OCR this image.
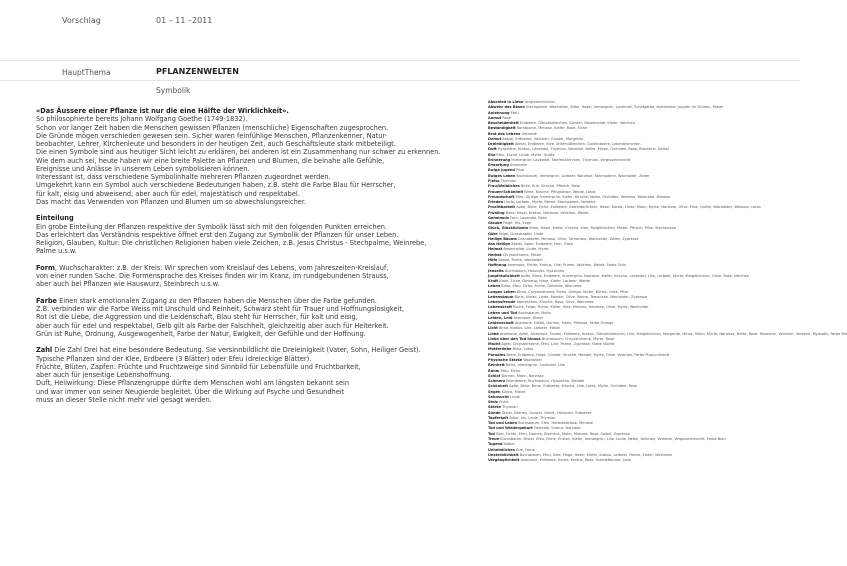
Vorschlag	01 – 11 –2011
HauptThema	PFLANZENWELTEN
Symbolik

«Das Äussere einer Pflanze ist nur die eine Hälfte der Wirklichkeit».
So philosophierte bereits Johann Wolfgang Goethe (1749-1832).
Schon vor langer Zeit haben die Menschen gewissen Pflanzen (menschliche) Eigenschaften zugesprochen.
Die Gründe mögen verschieden gewesen sein. Sicher waren feinfühlige Menschen, Pflanzenkenner, Natur-
beobachter, Lehrer, Kirchenleute und besonders in der heutigen Zeit, auch Geschäftsleute stark mitbeteiligt.
Die einen Symbole sind aus heutiger Sicht leicht zu erklären, bei anderen ist ein Zusammenhang nur schwer zu erkennen.
Wie dem auch sei, heute haben wir eine breite Palette an Pflanzen und Blumen, die beinahe alle Gefühle,
Ereignisse und Anlässe in unserem Leben symbolisieren können.
Interessant ist, dass verschiedene Symbolinhalte mehreren Pflanzen zugeordnet werden.
Umgekehrt kann ein Symbol auch verschiedene Bedeutungen haben, z.B. steht die Farbe Blau für Herrscher,
für kalt, eisig und abweisend, aber auch für edel, majestätisch und respektabel.
Das macht das Verwenden von Pflanzen und Blumen um so abwechslungsreicher.

Einteilung
Ein grobe Einteilung der Pflanzen respektive der Symbolik lässt sich mit den folgenden Punkten erreichen.
Das erleichtert das Verständnis respektive öffnet erst den Zugang zur Symbolik der Pflanzen für unser Leben.
Religion, Glauben, Kultur: Die christlichen Religionen haben viele Zeichen, z.B. Jesus Christus - Stechpalme, Weinrebe,
Palme u.s.w.

Form, Wuchscharakter: z.B. der Kreis. Wir sprechen vom Kreislauf des Lebens, vom Jahreszeiten-Kreislauf,
von einer runden Sache. Die Formensprache des Kreises finden wir im Kranz, im rundgebundenen Strauss,
aber auch bei Pflanzen wie Hauswurz, Steinbrech u.s.w.

Farbe Einen stark emotionalen Zugang zu den Pflanzen haben die Menschen über die Farbe gefunden.
Z.B. verbinden wir die Farbe Weiss mit Unschuld und Reinheit, Schwarz steht für Trauer und Hoffnungslosigkeit,
Rot ist die Liebe, die Aggression und die Leidenschaft, Blau steht für Herrscher, für kalt und eisig,
aber auch für edel und respektabel, Gelb gilt als Farbe der Falschheit, gleichzeitig aber auch für Heiterkeit.
Grün ist Ruhe, Ordnung, Ausgewogenheit, Farbe der Natur, Ewigkeit, der Gefühle und der Hoffnung.

Zahl Die Zahl Drei hat eine besondere Bedeutung. Sie versinnbildlicht die Dreieinigkeit (Vater, Sohn, Heiliger Geist).
Typische Pflanzen sind der Klee, Erdbeere (3 Blätter) oder Efeu (dreieckige Blätter).
Früchte, Blüten, Zapfen: Früchte und Fruchtzweige sind Sinnbild für Lebensfülle und Fruchtbarkeit,
aber auch für jenseitige Lebenshoffnung.
Duft, Heilwirkung: Diese Pflanzengruppe dürfte dem Menschen wohl am längsten bekannt sein
und war immer von seiner Neugierde begleitet. Über die Wirkung auf Psyche und Gesundheit
muss an dieser Stelle nicht mehr viel gesagt werden.

Abschied in Liebe Vergissmeinnicht
Abwehr des Bösen Stechpalme, Wacholder, Birke, Hasel, Immergrün, Lavendel, Schafgarbe, Kornblume, Jungfer im Grünen, Mistel
Anlehnung Efeu
Anmut Rose
Bescheidenheit Erdbeere, Gänseblümchen, Ginster, Besenheide, Kiefer, Veilchen
Beständigkeit Kornblume, Mimose, Kiefer, Rose, Eiche
Brot des Lebens Getreide
Demut Akelei, Erdbeere, Veilchen, Ginster, Margerite
Dreieinigkeit Akelei, Erdbeere, Klee, Stiefmütterchen, Goldenbeere, Lebenblümchen
Duft Hyazinthe, Krokus, Lavendel, Thymian, Narzisse, Nelke, Minze, Orchidee, Rose, Rosmarin, Salbei
Ehe Efeu, Esche, Linde, Myrte, Quitte
Erinnerung Immergrün, Lavendel, Stiefmütterchen, Thymian, Vergissmeinnicht
Erwartung Anemone
Ewige Jugend Pilze
Ewiges Leben Buchsbaum, Immergrün, Lorbeer, Narzisse, Stechpalme, Wacholder, Zeder
Fleiss Thymian
Frau/Weibliches Birke, Erle, Kirsche, Pfirsich, Rose
Frauen-Schönheit Birke, Kirsche, Pfingstrose, Weide, Lotos
Freundschaft Efeu, Ginkgo, Immergrün, Kiefer, Kirsche, Nelke, Orchidee, Verbene, Weinrebe, Mimose
Frieden Linde, Lorbeer, Myrte, Palme, Stechpalme, Verbene
Fruchtbarkeit Apfel, Birke, Eiche, Erdbeere, Getreide/Gräser, Hasel, Kürbis, Linde, Mohn, Myrte, Narzisse, Olive, Pilze, Quitte, Wacholder, Walnuss, Lotos
Frühling Birke, Hasel, Krokus, Narzisse, Veilchen, Weide
Geheimnis Farn, Lavendel, Rose
Glaube Feige, Iris, Ysop
Glück, Glücklichsein Birke, Hasel, Kiefer, Kirsche, Klee, Maiglöckchen, Mistel, Pfirsich, Pilze, Stechpalme
Güte Feige, Granatapfel, Linde
Heilige Bäume Granatapfel, Mimose, Olive, Tamariske, Wacholder, Zeder, Zypresse
das Heilige Akelei, Apfel, Erdbeere, Farn, Olive
Heimat Besenheide, Linde, Myrte
Herbst Chrysantheme, Mistel
Hilfe Akelei, Fichte, Wacholder
Hoffnung Anemone, Fichte, Krokus, Lilie, Primel, Veilchen, Weide, Farbe Grün
Jenseits Buchsbaum, Holunder, Hyazinthe
Jungfräulichkeit Apfel, Birne, Erdbeere, Immergrün, Kastanie, Kiefer, Kirsche, Lavendel, Lilie, Lorbeer, Myrte, Maiglöckchen, Olive, Rose, Veilchen
Kraft Birke, Eiche, Ginseng, Hirse, Kiefer, Lorbeer, Weide
Leben Birke, Efeu, Eiche, Fichte, Getreide, Weinrebe
Langes Leben Birne, Chrysantheme, Eiche, Ginkgo, Kiefer, Kürbis, Olive, Pilze
Lebensbaum Birne, Kiefer, Linde, Mandel, Olive, Palme, Tamariske, Wacholder, Zypresse
Lebensfreude Ebereschen, Kirsche, Rose, Olive, Weinrebe
Lebenskraft Esche, Feige, Fichte, Kiefer, Klee, Mimose, Narzisse, Olive, Myrte, Wacholder
Leben und Tod Buchsbaum, Mohn
Leiden, Leid Anemone, Distel
Leidenschaft Anemone, Distel, Dornen, Mohn, Mimose, Farbe Orange
Licht Birke, Krokus, Lilie, Lorbeer, Mistel
Liebe Anemone, Apfel, Artemisia, Enzian, Erdbeere, Krokus, Gänseblümchen, Lilie, Maiglöckchen, Margerite, Minze, Mohn, Myrte, Narzisse, Nelke, Rose, Rosmarin, Veilchen, Verbene, Myosotis, Farbe Rot
Liebe über den Tod hinaus Buchsbaum, Chrysantheme, Myrte, Rose
Macht Apfel, Chrysantheme, Efeu, Lilie, Palme, Zypresse, Farbe Violett
Mutterliebe Birke, Lotos
Paradies Birne, Erdbeere, Feige, Ginster, Kirsche, Mandel, Myrte, Olive, Veilchen, Farbe Purpur-Violett
Physische Stärke Wacholder
Reinheit Bellis, Immergrün, Lavendel, Lilie
Ruhm Efeu, Eiche
Schlaf Dornen, Mohn, Narzisse
Schmerz Brombeere, Buchsbaum, Hyazinthe, Mandel
Schönheit Apfel, Birke, Birne, Erdbeere, Kirsche, Lilie, Lotos, Myrte, Orchidee, Rose
Segen Kürbis, Malve
Sehnsucht Linde
Stolz Eiche
Stärke Thymian
Sünde Distel, Dornen, Ginster, Heide, Holunder, Erdbeere
Tapferkeit Birke, Iris, Linde, Thymian
Tod und Leben Buchsbaum, Efeu, Herbstzeitlose, Mimose
Tod und Wiedergeburt Getreide, Krokus, Narzisse
Tod Eibe, Fichte, Efeu, Dornen, Eisenhut, Mohn, Mimose, Rose, Salbei, Zypresse
Treue Buchsbaum, Mistel, Efeu, Eiche, Enzian, Kiefer, Immergrün, Lilie, Linde, Nelke, Veilchen, Verbene, Vergissmeinnicht, Farbe Blau
Tugend Salbei
Unheimliches Erle, Farne
Unsterblichkeit Buchsbaum, Efeu, Eibe, Feige, Hasel, Kiefer, Krokus, Lorbeer, Palme, Zeder, Weinrebe
Vergänglichkeit Anemone, Erdbeere, Esche, Krokus, Rose, Schmetblume, Laub
